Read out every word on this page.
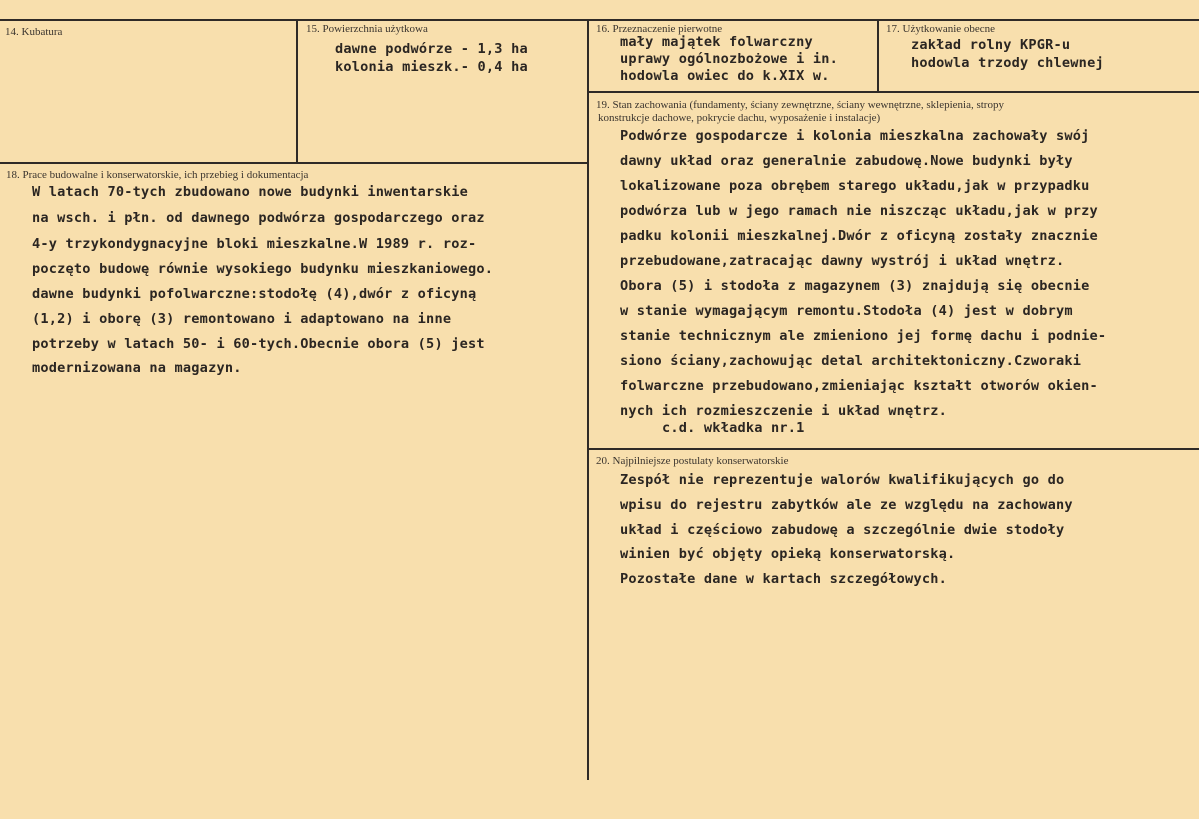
14. Kubatura	15. Powierzchnia użytkowa
dawne podwórze - 1,3 ha
kolonia mieszk.- 0,4 ha
16. Przeznaczenie pierwotne
mały majątek folwarczny
uprawy ogólnozbożowe i in.
hodowla owiec do k.XIX w.
17. Użytkowanie obecne
zakład rolny KPGR-u
hodowla trzody chlewnej
18. Prace budowalne i konserwatorskie, ich przebieg i dokumentacja
W latach 70-tych zbudowano nowe budynki inwentarskie
na wsch. i płn. od dawnego podwórza gospodarczego oraz
4-y trzykondygnacyjne bloki mieszkalne.W 1989 r. roz-
poczęto budowę równie wysokiego budynku mieszkaniowego.
dawne budynki pofolwarczne:stodołę (4),dwór z oficyną
(1,2) i oborę (3) remontowano i adaptowano na inne
potrzeby w latach 50- i 60-tych.Obecnie obora (5) jest
modernizowana na magazyn.
19. Stan zachowania (fundamenty, ściany zewnętrzne, ściany wewnętrzne, sklepienia, stropy
konstrukcje dachowe, pokrycie dachu, wyposażenie i instalacje)
Podwórze gospodarcze i kolonia mieszkalna zachowały swój
dawny układ oraz generalnie zabudowę.Nowe budynki były
lokalizowane poza obrębem starego układu,jak w przypadku
podwórza lub w jego ramach nie niszcząc układu,jak w przy
padku kolonii mieszkalnej.Dwór z oficyną zostały znacznie
przebudowane,zatracając dawny wystrój i układ wnętrz.
Obora (5) i stodoła z magazynem (3) znajdują się obecnie
w stanie wymagającym remontu.Stodoła (4) jest w dobrym
stanie technicznym ale zmieniono jej formę dachu i podnie-
siono ściany,zachowując detal architektoniczny.Czworaki
folwarczne przebudowano,zmieniając kształt otworów okien-
nych ich rozmieszczenie i układ wnętrz.
c.d. wkładka nr.1
20. Najpilniejsze postulaty konserwatorskie
Zespół nie reprezentuje walorów kwalifikujących go do
wpisu do rejestru zabytków ale ze względu na zachowany
układ i częściowo zabudowę a szczególnie dwie stodoły
winien być objęty opieką konserwatorską.
Pozostałe dane w kartach szczegółowych.
